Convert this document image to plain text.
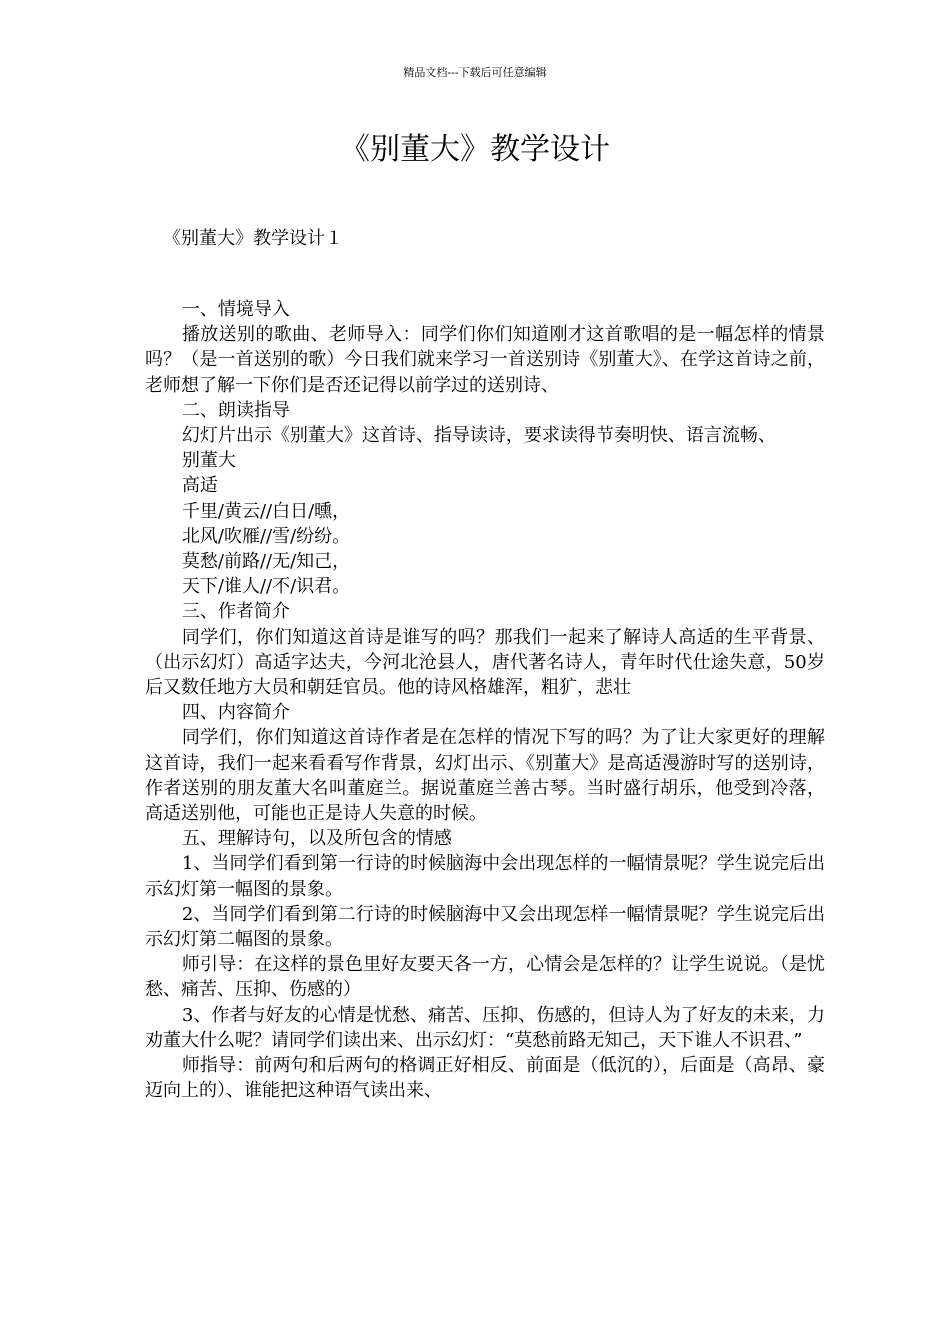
精品文档---下载后可任意编辑
《别董大》教学设计
《别董大》教学设计１

一、情境导入

播放送别的歌曲、老师导入：同学们你们知道刚才这首歌唱的是一幅怎样的情景吗？（是一首送别的歌）今日我们就来学习一首送别诗《别董大》、在学这首诗之前，老师想了解一下你们是否还记得以前学过的送别诗、

二、朗读指导

幻灯片出示《别董大》这首诗、指导读诗，要求读得节奏明快、语言流畅、

别董大

高适

千里/黄云//白日/曛，

北风/吹雁//雪/纷纷。

莫愁/前路//无/知己，

天下/谁人//不/识君。

三、作者简介

同学们，你们知道这首诗是谁写的吗？那我们一起来了解诗人高适的生平背景、（出示幻灯）高适字达夫，今河北沧县人，唐代著名诗人，青年时代仕途失意，50岁后又数任地方大员和朝廷官员。他的诗风格雄浑，粗犷，悲壮

四、内容简介

同学们，你们知道这首诗作者是在怎样的情况下写的吗？为了让大家更好的理解这首诗，我们一起来看看写作背景，幻灯出示、《别董大》是高适漫游时写的送别诗，作者送别的朋友董大名叫董庭兰。据说董庭兰善古琴。当时盛行胡乐，他受到冷落，高适送别他，可能也正是诗人失意的时候。

五、理解诗句，以及所包含的情感

1、当同学们看到第一行诗的时候脑海中会出现怎样的一幅情景呢？学生说完后出示幻灯第一幅图的景象。

2、当同学们看到第二行诗的时候脑海中又会出现怎样一幅情景呢？学生说完后出示幻灯第二幅图的景象。

师引导：在这样的景色里好友要天各一方，心情会是怎样的？让学生说说。（是忧愁、痛苦、压抑、伤感的）

3、作者与好友的心情是忧愁、痛苦、压抑、伤感的，但诗人为了好友的未来，力劝董大什么呢？请同学们读出来、出示幻灯：“莫愁前路无知己，天下谁人不识君、”

师指导：前两句和后两句的格调正好相反、前面是（低沉的），后面是（高昂、豪迈向上的）、谁能把这种语气读出来、
